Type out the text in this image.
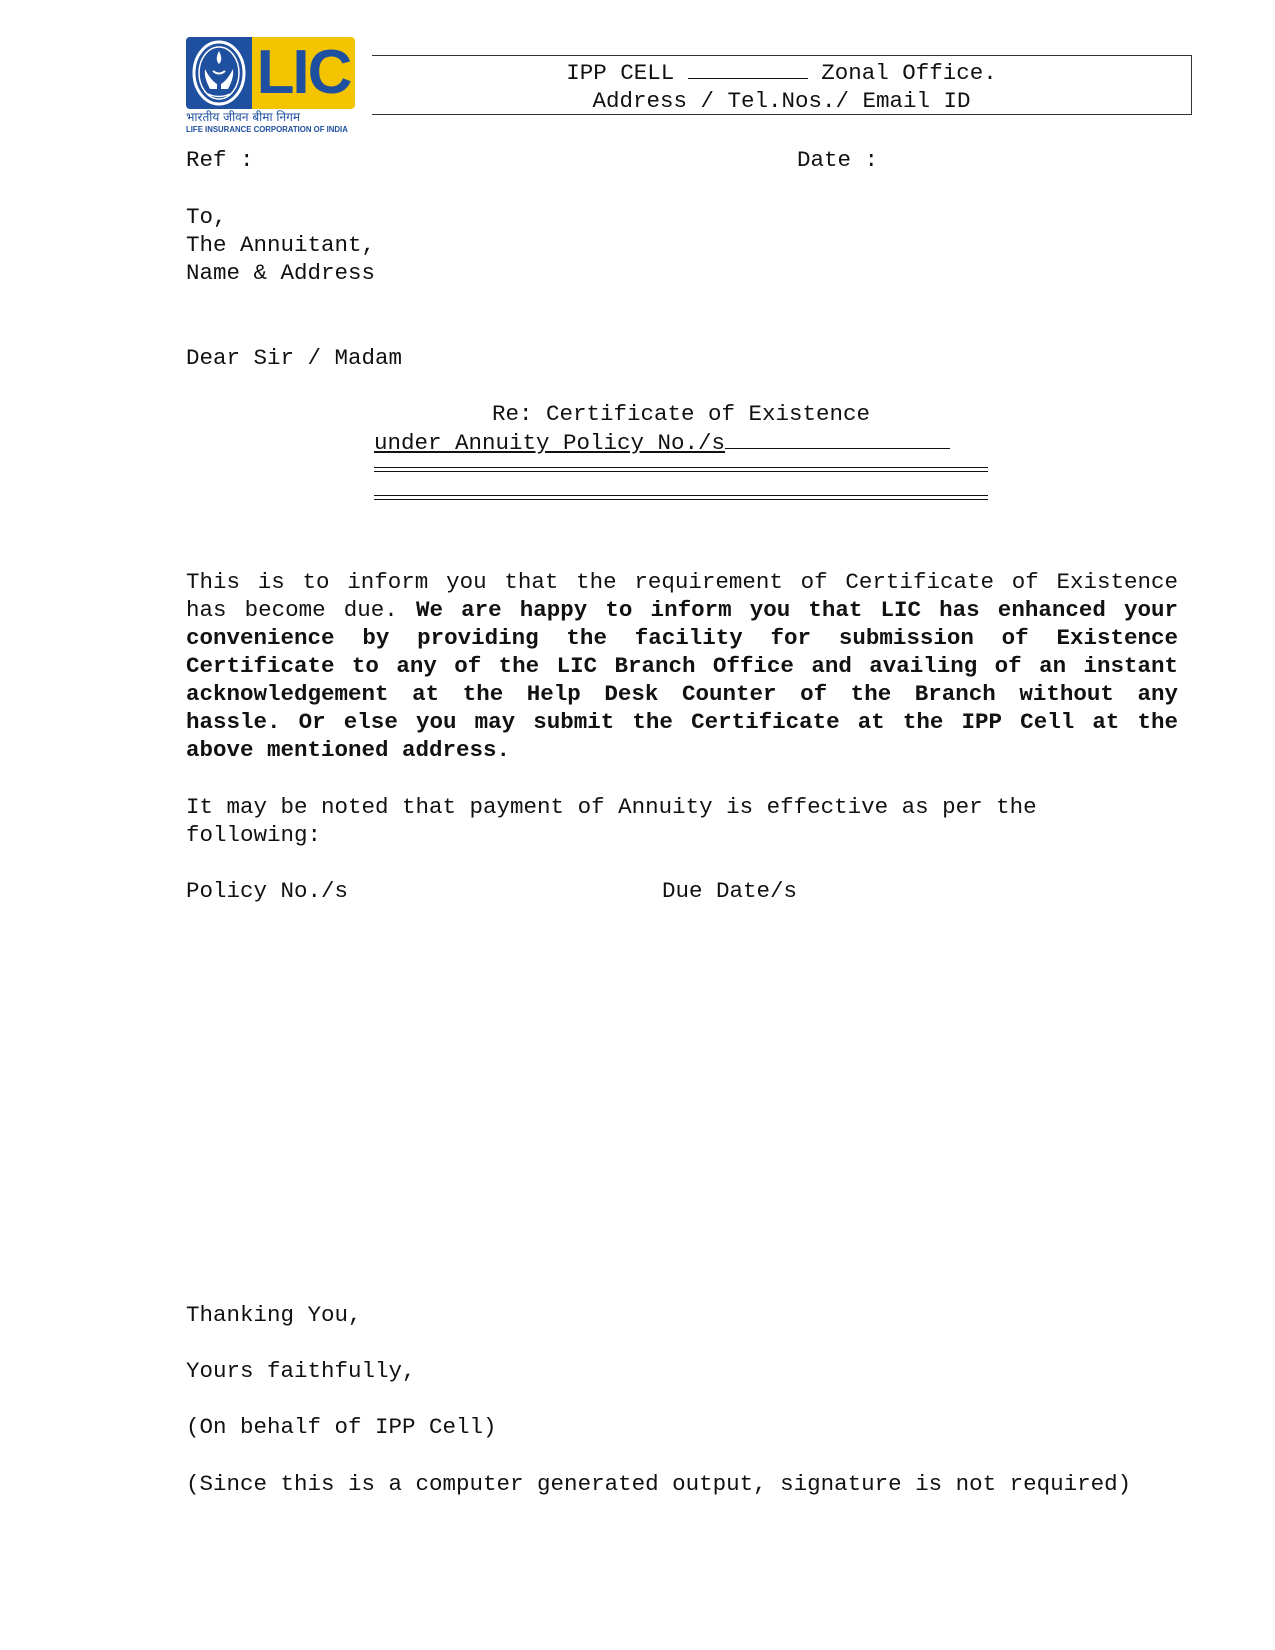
LIC
भारतीय जीवन बीमा निगम
LIFE INSURANCE CORPORATION OF INDIA
IPP CELL	Zonal Office.
Address / Tel.Nos./ Email ID
Ref :	Date :

To,

The Annuitant,

Name & Address

Dear Sir / Madam
Re: Certificate of Existence
under Annuity Policy No./s

This is to inform you that the requirement of Certificate of Existence has become due. We are happy to inform you that LIC has enhanced your convenience by providing the facility for submission of Existence Certificate to any of the LIC Branch Office and availing of an instant acknowledgement at the Help Desk Counter of the Branch without any hassle. Or else you may submit the Certificate at the IPP Cell at the above mentioned address.

It may be noted that payment of Annuity is effective as per the following:

Policy No./s	Due Date/s
Thanking You,
Yours faithfully,
(On behalf of IPP Cell)

(Since this is a computer generated output, signature is not required)
